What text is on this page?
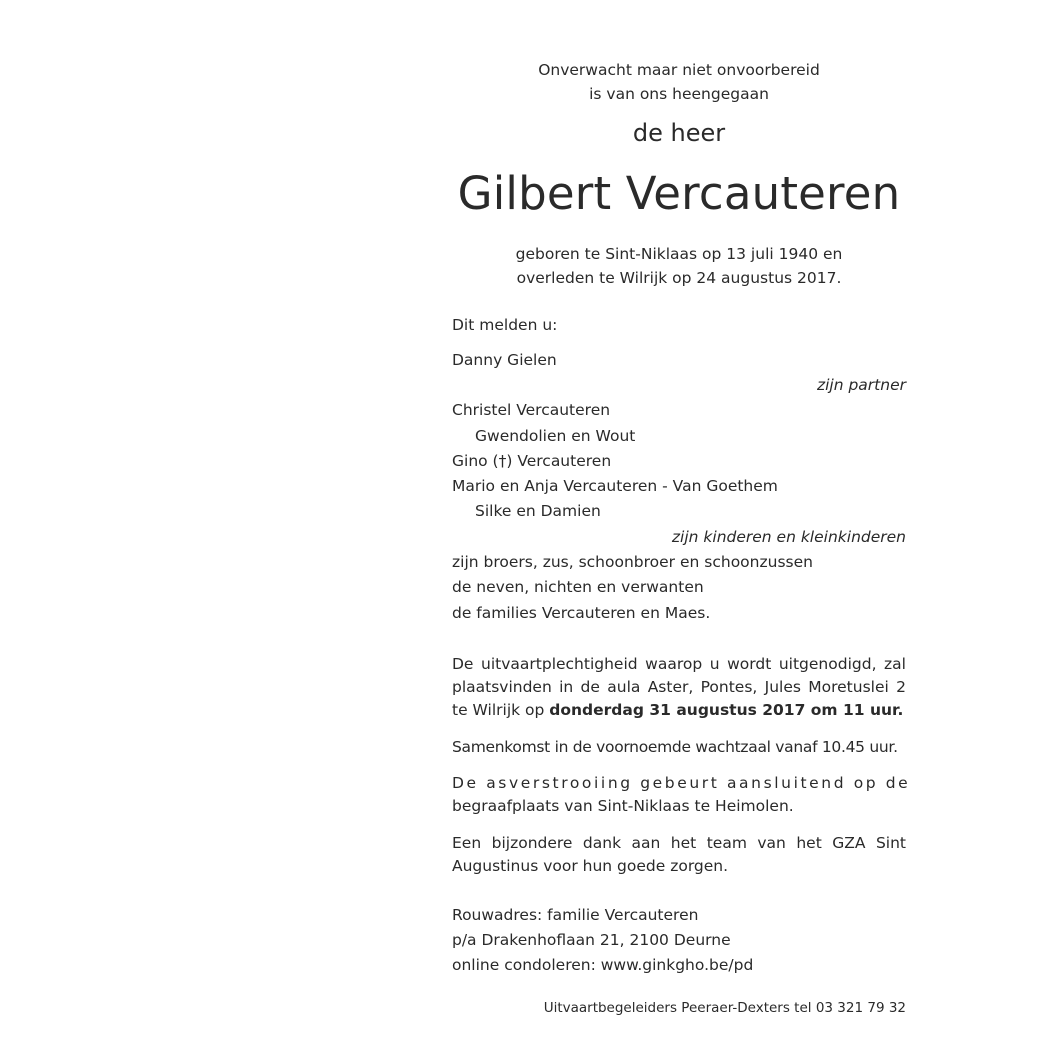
Onverwacht maar niet onvoorbereid
is van ons heengegaan
de heer
Gilbert Vercauteren
geboren te Sint-Niklaas op 13 juli 1940 en
overleden te Wilrijk op 24 augustus 2017.
Dit melden u:
Danny Gielen
zijn partner
Christel Vercauteren
Gwendolien en Wout
Gino (†) Vercauteren
Mario en Anja Vercauteren - Van Goethem
Silke en Damien
zijn kinderen en kleinkinderen
zijn broers, zus, schoonbroer en schoonzussen
de neven, nichten en verwanten
de families Vercauteren en Maes.
De uitvaartplechtigheid waarop u wordt uitgenodigd, zal plaatsvinden in de aula Aster, Pontes, Jules Moretuslei 2 te Wilrijk op donderdag 31 augustus 2017 om 11 uur.
Samenkomst in de voornoemde wachtzaal vanaf 10.45 uur.
De asverstrooiing gebeurt aansluitend op de
begraafplaats van Sint-Niklaas te Heimolen.
Een bijzondere dank aan het team van het GZA Sint Augustinus voor hun goede zorgen.
Rouwadres: familie Vercauteren
p/a Drakenhoflaan 21, 2100 Deurne
online condoleren: www.ginkgho.be/pd
Uitvaartbegeleiders Peeraer-Dexters tel 03 321 79 32
